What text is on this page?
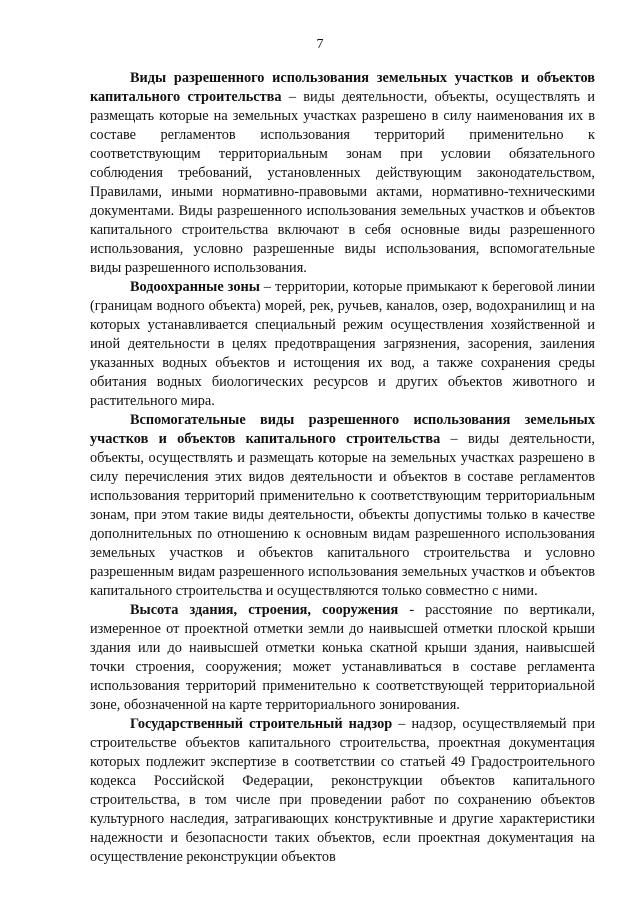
7

Виды разрешенного использования земельных участков и объектов капитального строительства – виды деятельности, объекты, осуществлять и размещать которые на земельных участках разрешено в силу наименования их в составе регламентов использования территорий применительно к соответствующим территориальным зонам при условии обязательного соблюдения требований, установленных действующим законодательством, Правилами, иными нормативно-правовыми актами, нормативно-техническими документами. Виды разрешенного использования земельных участков и объектов капитального строительства включают в себя основные виды разрешенного использования, условно разрешенные виды использования, вспомогательные виды разрешенного использования.

Водоохранные зоны – территории, которые примыкают к береговой линии (границам водного объекта) морей, рек, ручьев, каналов, озер, водохранилищ и на которых устанавливается специальный режим осуществления хозяйственной и иной деятельности в целях предотвращения загрязнения, засорения, заиления указанных водных объектов и истощения их вод, а также сохранения среды обитания водных биологических ресурсов и других объектов животного и растительного мира.

Вспомогательные виды разрешенного использования земельных участков и объектов капитального строительства – виды деятельности, объекты, осуществлять и размещать которые на земельных участках разрешено в силу перечисления этих видов деятельности и объектов в составе регламентов использования территорий применительно к соответствующим территориальным зонам, при этом такие виды деятельности, объекты допустимы только в качестве дополнительных по отношению к основным видам разрешенного использования земельных участков и объектов капитального строительства и условно разрешенным видам разрешенного использования земельных участков и объектов капитального строительства и осуществляются только совместно с ними.

Высота здания, строения, сооружения - расстояние по вертикали, измеренное от проектной отметки земли до наивысшей отметки плоской крыши здания или до наивысшей отметки конька скатной крыши здания, наивысшей точки строения, сооружения; может устанавливаться в составе регламента использования территорий применительно к соответствующей территориальной зоне, обозначенной на карте территориального зонирования.

Государственный строительный надзор – надзор, осуществляемый при строительстве объектов капитального строительства, проектная документация которых подлежит экспертизе в соответствии со статьей 49 Градостроительного кодекса Российской Федерации, реконструкции объектов капитального строительства, в том числе при проведении работ по сохранению объектов культурного наследия, затрагивающих конструктивные и другие характеристики надежности и безопасности таких объектов, если проектная документация на осуществление реконструкции объектов
